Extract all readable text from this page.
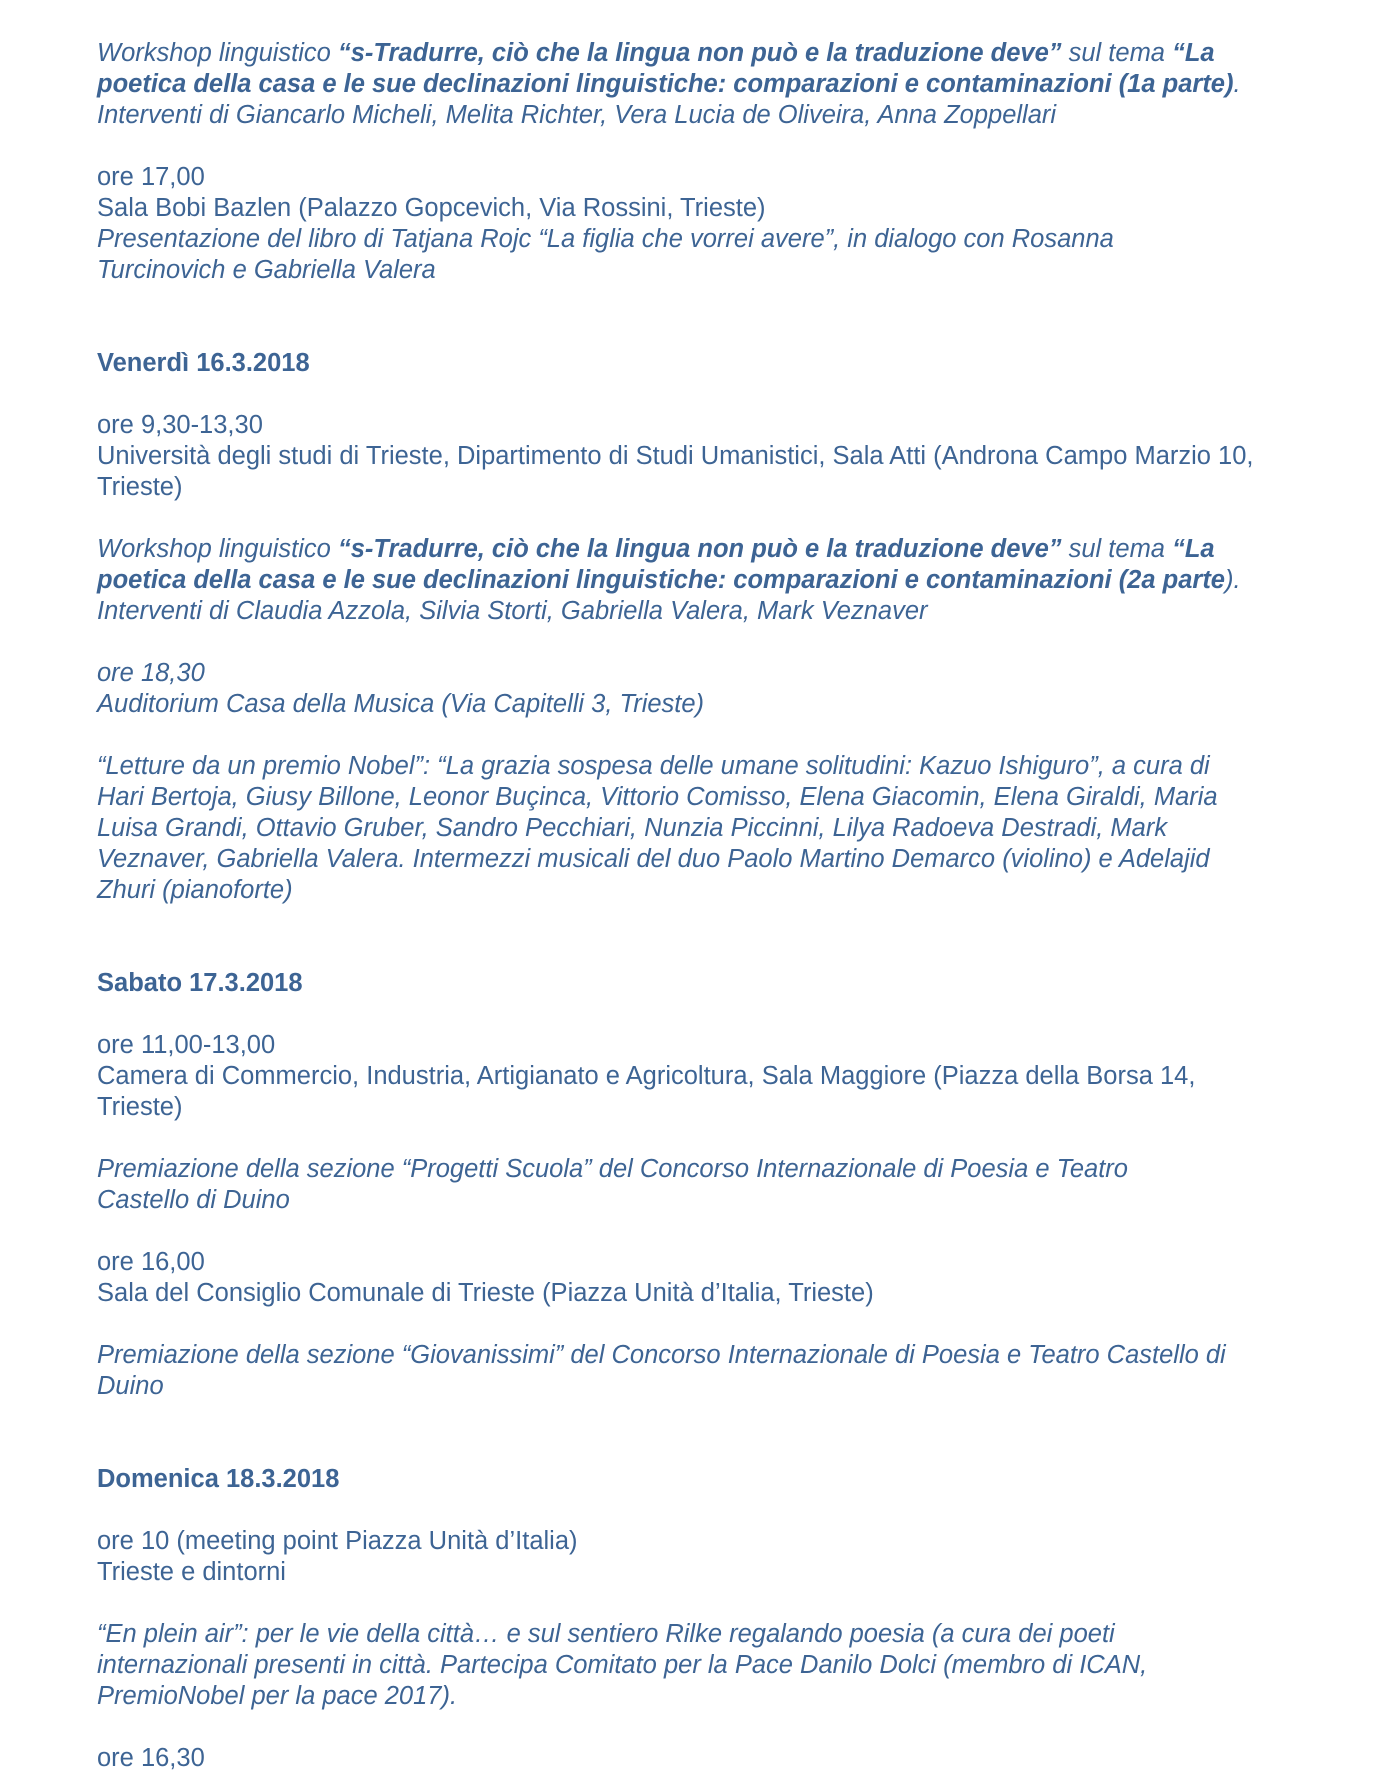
Workshop linguistico “s-Tradurre, ciò che la lingua non può e la traduzione deve” sul tema “La poetica della casa e le sue declinazioni linguistiche: comparazioni e contaminazioni (1a parte). Interventi di Giancarlo Micheli, Melita Richter, Vera Lucia de Oliveira, Anna Zoppellari

ore 17,00

Sala Bobi Bazlen (Palazzo Gopcevich, Via Rossini, Trieste)

Presentazione del libro di Tatjana Rojc “La figlia che vorrei avere”, in dialogo con Rosanna Turcinovich e Gabriella Valera

Venerdì 16.3.2018

ore 9,30-13,30

Università degli studi di Trieste, Dipartimento di Studi Umanistici, Sala Atti (Androna Campo Marzio 10, Trieste)

Workshop linguistico “s-Tradurre, ciò che la lingua non può e la traduzione deve” sul tema “La poetica della casa e le sue declinazioni linguistiche: comparazioni e contaminazioni (2a parte). Interventi di Claudia Azzola, Silvia Storti, Gabriella Valera, Mark Veznaver

ore 18,30

Auditorium Casa della Musica (Via Capitelli 3, Trieste)

“Letture da un premio Nobel”: “La grazia sospesa delle umane solitudini: Kazuo Ishiguro”, a cura di Hari Bertoja, Giusy Billone, Leonor Buçinca, Vittorio Comisso, Elena Giacomin, Elena Giraldi, Maria Luisa Grandi, Ottavio Gruber, Sandro Pecchiari, Nunzia Piccinni, Lilya Radoeva Destradi, Mark Veznaver, Gabriella Valera. Intermezzi musicali del duo Paolo Martino Demarco (violino) e Adelajid Zhuri (pianoforte)

Sabato 17.3.2018

ore 11,00-13,00

Camera di Commercio, Industria, Artigianato e Agricoltura, Sala Maggiore (Piazza della Borsa 14, Trieste)

Premiazione della sezione “Progetti Scuola” del Concorso Internazionale di Poesia e Teatro Castello di Duino

ore 16,00

Sala del Consiglio Comunale di Trieste (Piazza Unità d’Italia, Trieste)

Premiazione della sezione “Giovanissimi” del Concorso Internazionale di Poesia e Teatro Castello di Duino

Domenica 18.3.2018

ore 10 (meeting point Piazza Unità d’Italia)

Trieste e dintorni

“En plein air”: per le vie della città… e sul sentiero Rilke regalando poesia (a cura dei poeti internazionali presenti in città. Partecipa Comitato per la Pace Danilo Dolci (membro di ICAN, PremioNobel per la pace 2017).

ore 16,30
